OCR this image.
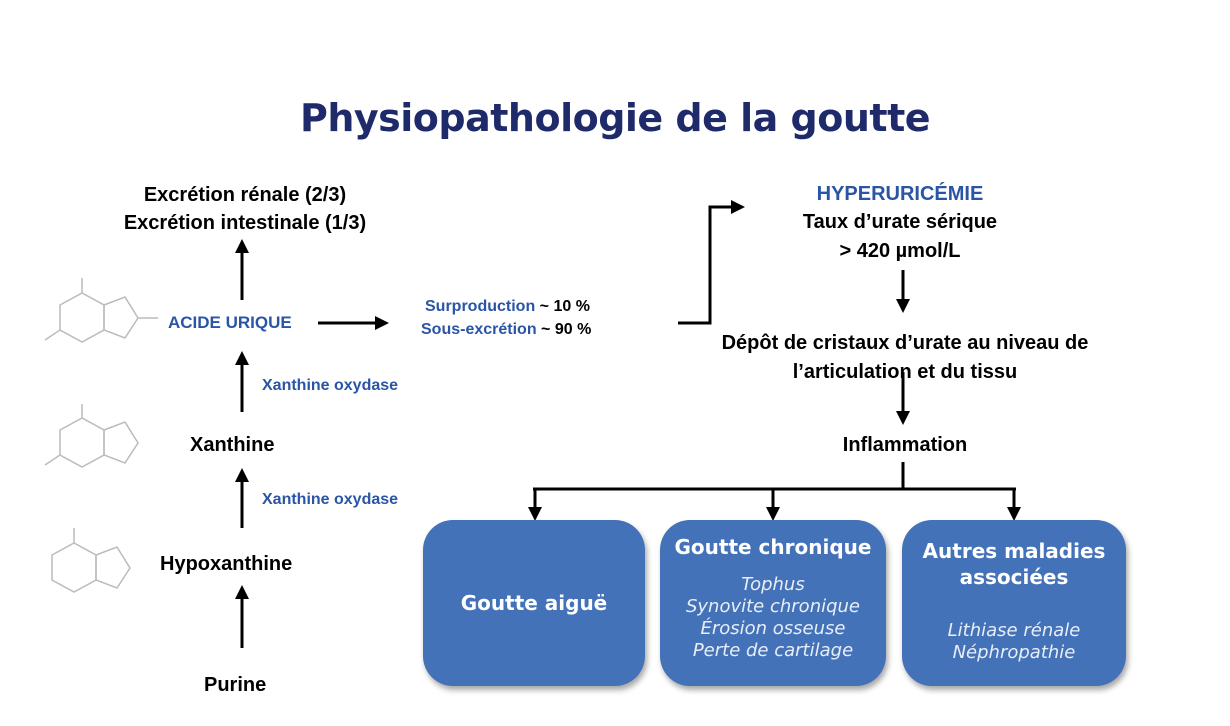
Physiopathologie de la goutte
Excrétion rénale (2/3)
Excrétion intestinale (1/3)
ACIDE URIQUE
Xanthine oxydase
Xanthine
Xanthine oxydase
Hypoxanthine
Purine
Surproduction ~ 10 %
Sous-excrétion ~ 90 %
HYPERURICÉMIE
Taux d’urate sérique
> 420 µmol/L
Dépôt de cristaux d’urate au niveau de
l’articulation et du tissu
Inflammation
Goutte aiguë
Goutte chronique
Tophus
Synovite chronique
Érosion osseuse
Perte de cartilage
Autres maladies
associées
Lithiase rénale
Néphropathie
